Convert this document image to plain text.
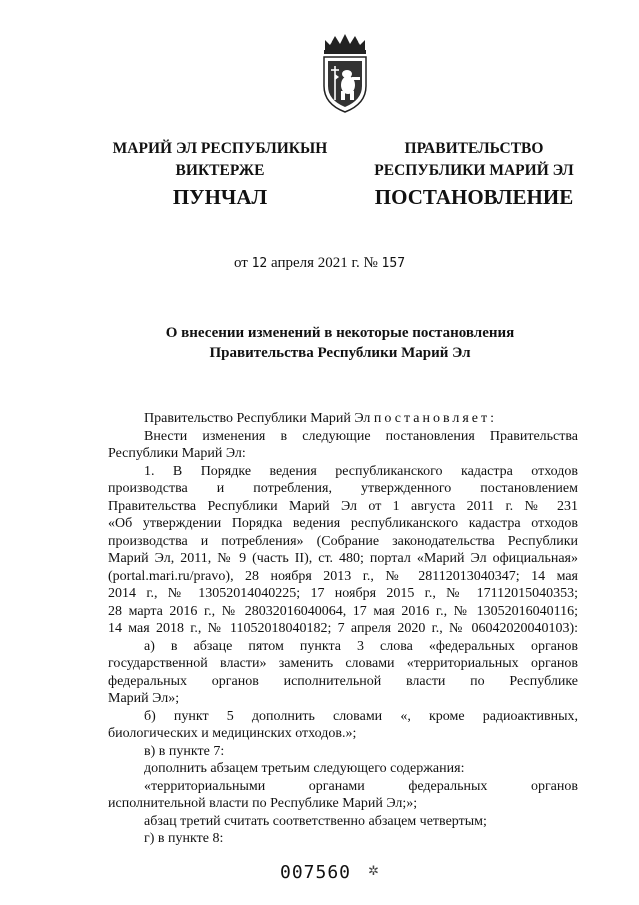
МАРИЙ ЭЛ РЕСПУБЛИКЫН
ВИКТЕРЖЕ
ПУНЧАЛ
ПРАВИТЕЛЬСТВО
РЕСПУБЛИКИ МАРИЙ ЭЛ
ПОСТАНОВЛЕНИЕ
от 12 апреля 2021 г. № 157
О внесении изменений в некоторые постановления
Правительства Республики Марий Эл
Правительство Республики Марий Эл постановляет:
Внести изменения в следующие постановления Правительства
Республики Марий Эл:
1. В Порядке ведения республиканского кадастра отходов
производства и потребления, утвержденного постановлением
Правительства Республики Марий Эл от 1 августа 2011 г. № 231
«Об утверждении Порядка ведения республиканского кадастра отходов
производства и потребления» (Собрание законодательства Республики
Марий Эл, 2011, № 9 (часть II), ст. 480; портал «Марий Эл официальная»
(portal.mari.ru/pravo), 28 ноября 2013 г., № 28112013040347; 14 мая
2014 г., № 13052014040225; 17 ноября 2015 г., № 17112015040353;
28 марта 2016 г., № 28032016040064, 17 мая 2016 г., № 13052016040116;
14 мая 2018 г., № 11052018040182; 7 апреля 2020 г., № 06042020040103):
а) в абзаце пятом пункта 3 слова «федеральных органов
государственной власти» заменить словами «территориальных органов
федеральных органов исполнительной власти по Республике
Марий Эл»;
б) пункт 5 дополнить словами «, кроме радиоактивных,
биологических и медицинских отходов.»;
в) в пункте 7:
дополнить абзацем третьим следующего содержания:
«территориальными органами федеральных органов
исполнительной власти по Республике Марий Эл;»;
абзац третий считать соответственно абзацем четвертым;
г) в пункте 8:
007560 ✲
